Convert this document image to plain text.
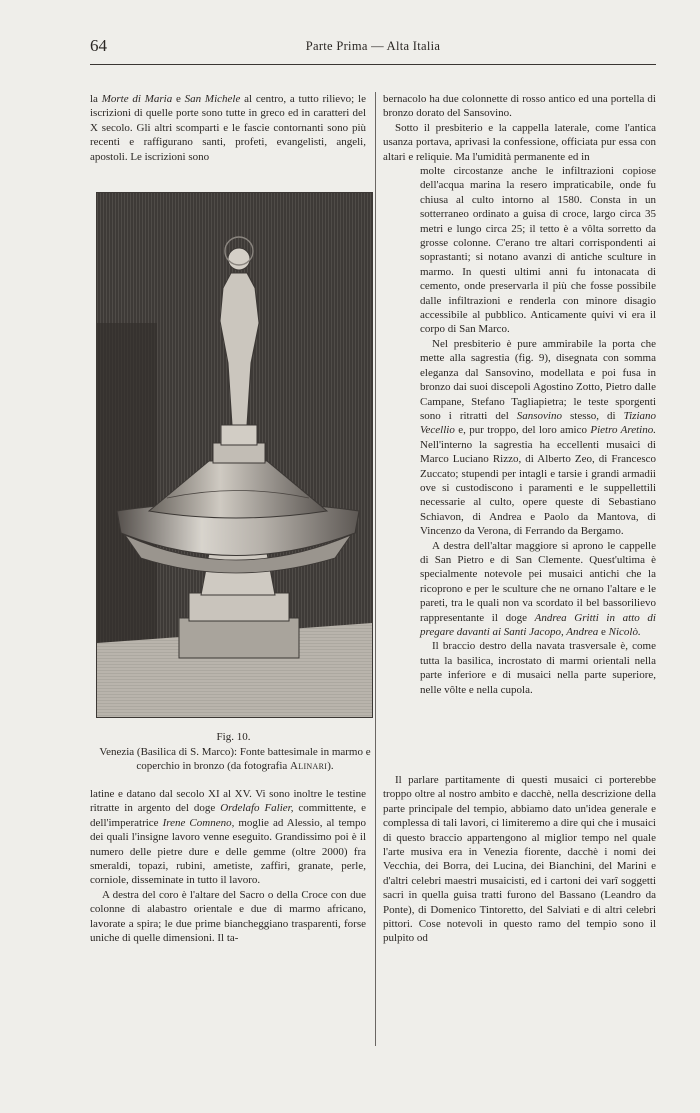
64	Parte Prima — Alta Italia

la Morte di Maria e San Michele al centro, a tutto rilievo; le iscrizioni di quelle porte sono tutte in greco ed in caratteri del X secolo. Gli altri scomparti e le fascie contornanti sono più recenti e raffigurano santi, profeti, evangelisti, angeli, apostoli. Le iscrizioni sono

Fig. 10.
Venezia (Basilica di S. Marco): Fonte battesimale in marmo e coperchio in bronzo (da fotografia Alinari).

latine e datano dal secolo XI al XV. Vi sono inoltre le testine ritratte in argento del doge Ordelafo Falier, committente, e dell'imperatrice Irene Comneno, moglie ad Alessio, al tempo dei quali l'insigne lavoro venne eseguito. Grandissimo poi è il numero delle pietre dure e delle gemme (oltre 2000) fra smeraldi, topazi, rubini, ametiste, zaffiri, granate, perle, corniole, disseminate in tutto il lavoro.

A destra del coro è l'altare del Sacro o della Croce con due colonne di alabastro orientale e due di marmo africano, lavorate a spira; le due prime biancheggiano trasparenti, forse uniche di quelle dimensioni. Il ta-

bernacolo ha due colonnette di rosso antico ed una portella di bronzo dorato del Sansovino.

Sotto il presbiterio e la cappella laterale, come l'antica usanza portava, aprivasi la confessione, officiata pur essa con altari e reliquie. Ma l'umidità permanente ed in

molte circostanze anche le infiltrazioni copiose dell'acqua marina la resero impraticabile, onde fu chiusa al culto intorno al 1580. Consta in un sotterraneo ordinato a guisa di croce, largo circa 35 metri e lungo circa 25; il tetto è a vôlta sorretto da grosse colonne. C'erano tre altari corrispondenti ai soprastanti; si notano avanzi di antiche sculture in marmo. In questi ultimi anni fu intonacata di cemento, onde preservarla il più che fosse possibile dalle infiltrazioni e renderla con minore disagio accessibile al pubblico. Anticamente quivi vi era il corpo di San Marco.

Nel presbiterio è pure ammirabile la porta che mette alla sagrestia (fig. 9), disegnata con somma eleganza dal Sansovino, modellata e poi fusa in bronzo dai suoi discepoli Agostino Zotto, Pietro dalle Campane, Stefano Tagliapietra; le teste sporgenti sono i ritratti del Sansovino stesso, di Tiziano Vecellio e, pur troppo, del loro amico Pietro Aretino. Nell'interno la sagrestia ha eccellenti musaici di Marco Luciano Rizzo, di Alberto Zeo, di Francesco Zuccato; stupendi per intagli e tarsie i grandi armadii ove si custodiscono i paramenti e le suppellettili necessarie al culto, opere queste di Sebastiano Schiavon, di Andrea e Paolo da Mantova, di Vincenzo da Verona, di Ferrando da Bergamo.

A destra dell'altar maggiore si aprono le cappelle di San Pietro e di San Clemente. Quest'ultima è specialmente notevole pei musaici antichi che la ricoprono e per le sculture che ne ornano l'altare e le pareti, tra le quali non va scordato il bel bassorilievo rappresentante il doge Andrea Gritti in atto di pregare davanti ai Santi Jacopo, Andrea e Nicolò.

Il braccio destro della navata trasversale è, come tutta la basilica, incrostato di marmi orientali nella parte inferiore e di musaici nella parte superiore, nelle vôlte e nella cupola.

Il parlare partitamente di questi musaici ci porterebbe troppo oltre al nostro ambito e dacchè, nella descrizione della parte principale del tempio, abbiamo dato un'idea generale e complessa di tali lavori, ci limiteremo a dire qui che i musaici di questo braccio appartengono al miglior tempo nel quale l'arte musiva era in Venezia fiorente, dacchè i nomi dei Vecchia, dei Borra, dei Lucina, dei Bianchini, del Marini e d'altri celebri maestri musaicisti, ed i cartoni dei varî soggetti sacri in quella guisa tratti furono del Bassano (Leandro da Ponte), di Domenico Tintoretto, del Salviati e di altri celebri pittori. Cose notevoli in questo ramo del tempio sono il pulpito od
